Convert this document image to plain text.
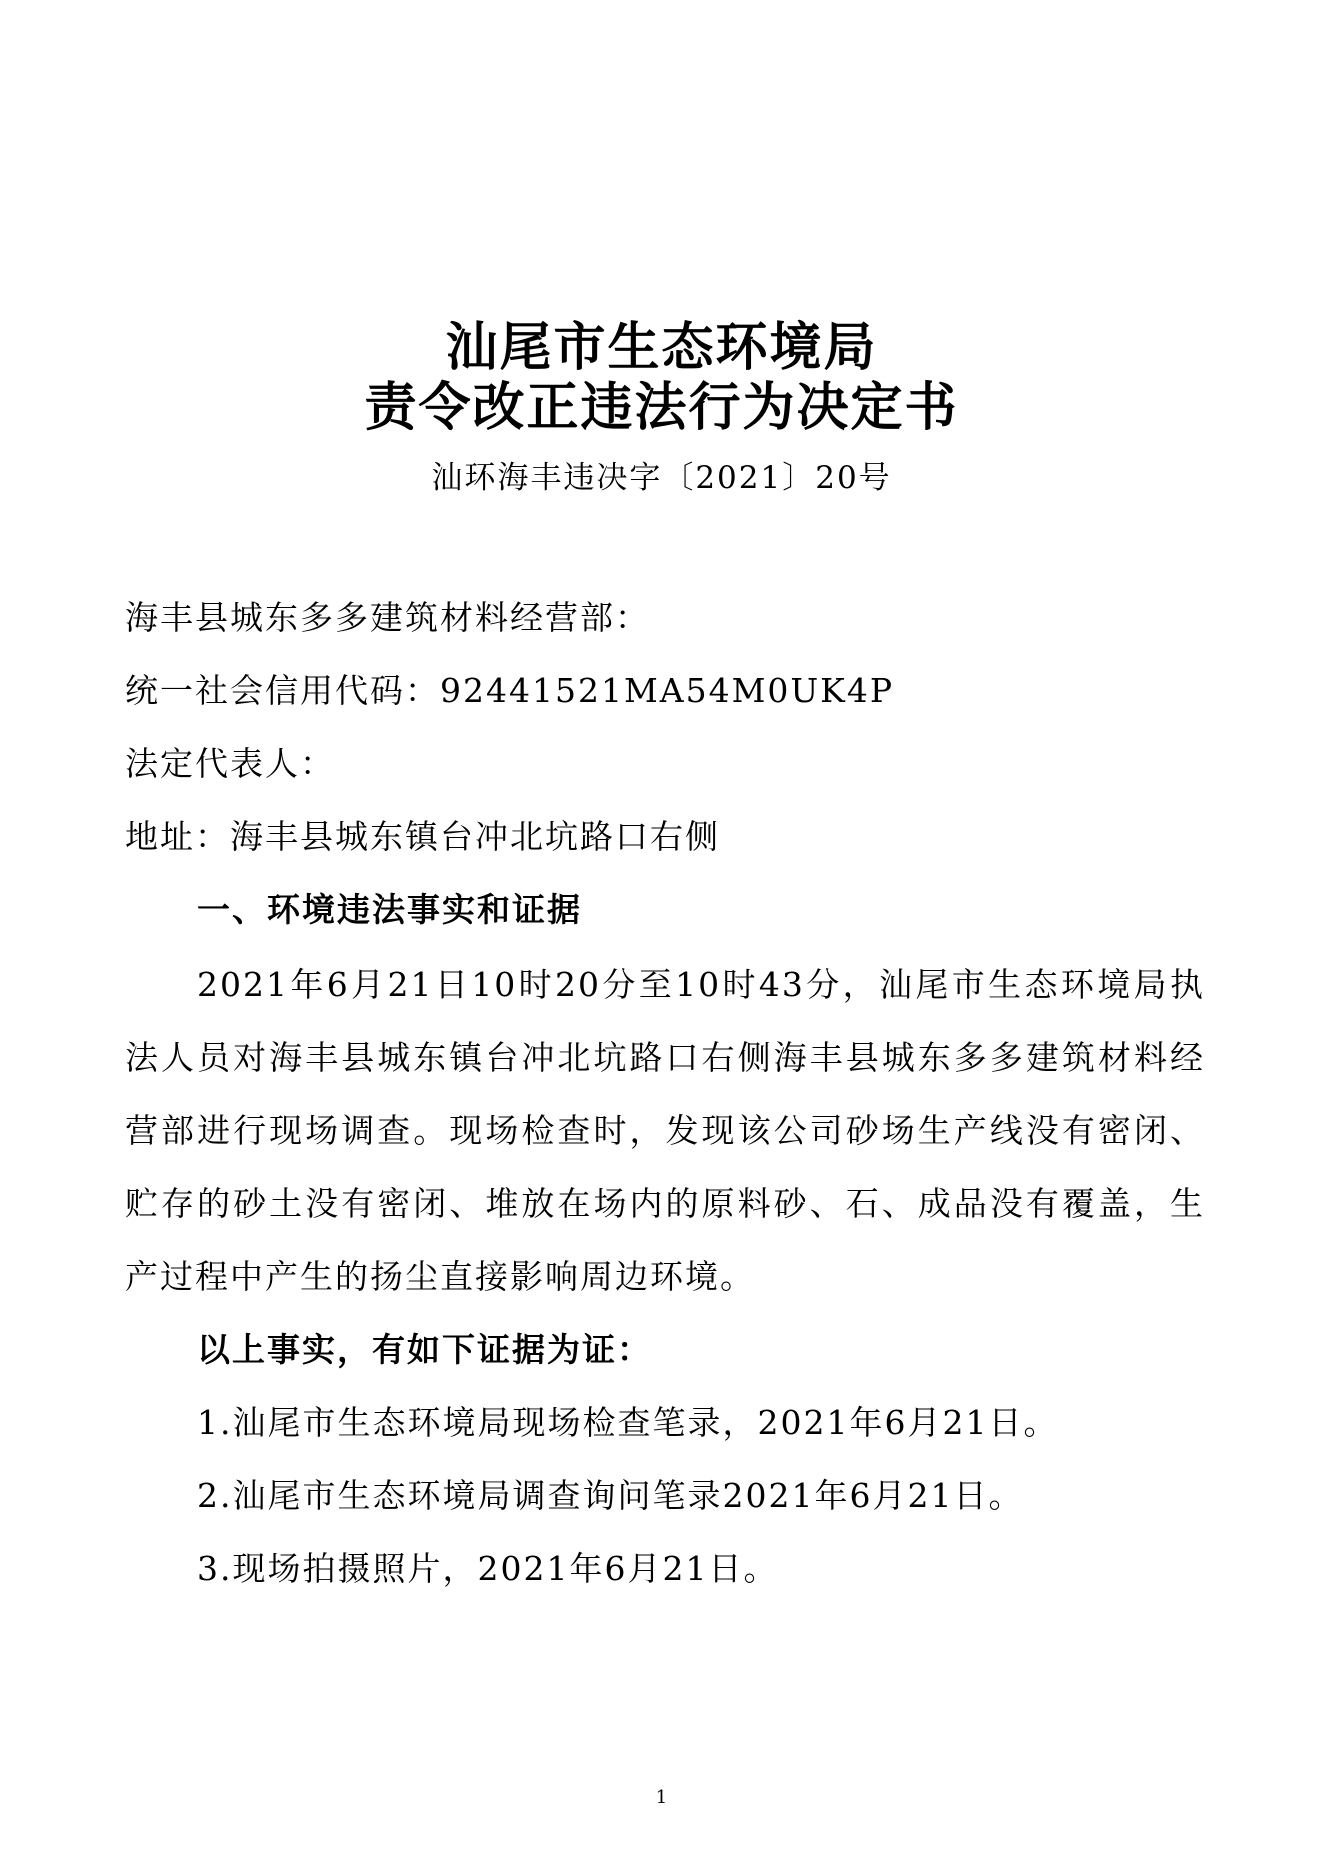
汕尾市生态环境局
责令改正违法行为决定书
汕环海丰违决字〔2021〕20号
海丰县城东多多建筑材料经营部：
统一社会信用代码：92441521MA54M0UK4P
法定代表人：
地址：海丰县城东镇台冲北坑路口右侧
一、环境违法事实和证据
2021年6月21日10时20分至10时43分，汕尾市生态环境局执法人员对海丰县城东镇台冲北坑路口右侧海丰县城东多多建筑材料经营部进行现场调查。现场检查时，发现该公司砂场生产线没有密闭、贮存的砂土没有密闭、堆放在场内的原料砂、石、成品没有覆盖，生产过程中产生的扬尘直接影响周边环境。
以上事实，有如下证据为证：
1.汕尾市生态环境局现场检查笔录，2021年6月21日。
2.汕尾市生态环境局调查询问笔录2021年6月21日。
3.现场拍摄照片，2021年6月21日。
1
